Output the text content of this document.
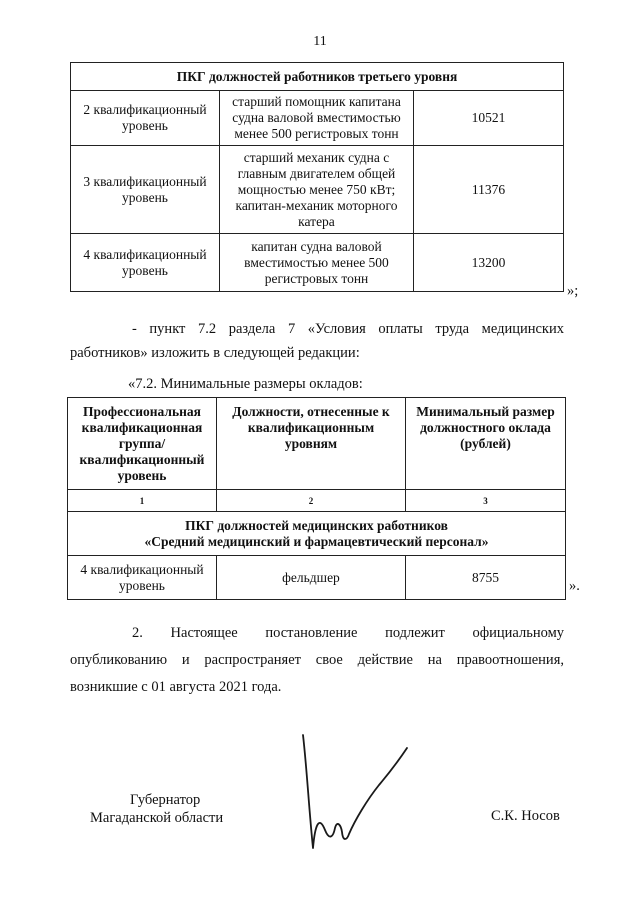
11
ПКГ должностей работников третьего уровня		
2 квалификационный уровень	старший помощник капитана судна валовой вместимостью менее 500 регистровых тонн	10521
3 квалификационный уровень	старший механик судна с главным двигателем общей мощностью менее 750 кВт; капитан-механик моторного катера	11376
4 квалификационный уровень	капитан судна валовой вместимостью менее 500 регистровых тонн	13200
»;
- пункт 7.2 раздела 7 «Условия оплаты труда медицинских работников» изложить в следующей редакции:
«7.2. Минимальные размеры окладов:
Профессиональная квалификационная группа/ квалификационный уровень	Должности, отнесенные к квалификационным уровням	Минимальный размер должностного оклада (рублей)
1	2	3

ПКГ должностей медицинских работников
«Средний медицинский и фармацевтический персонал»		

4 квалификационный уровень	фельдшер	8755
».
2. Настоящее постановление подлежит официальному опубликованию и распространяет свое действие на правоотношения, возникшие с 01 августа 2021 года.
Губернатор
Магаданской области	С.К. Носов
